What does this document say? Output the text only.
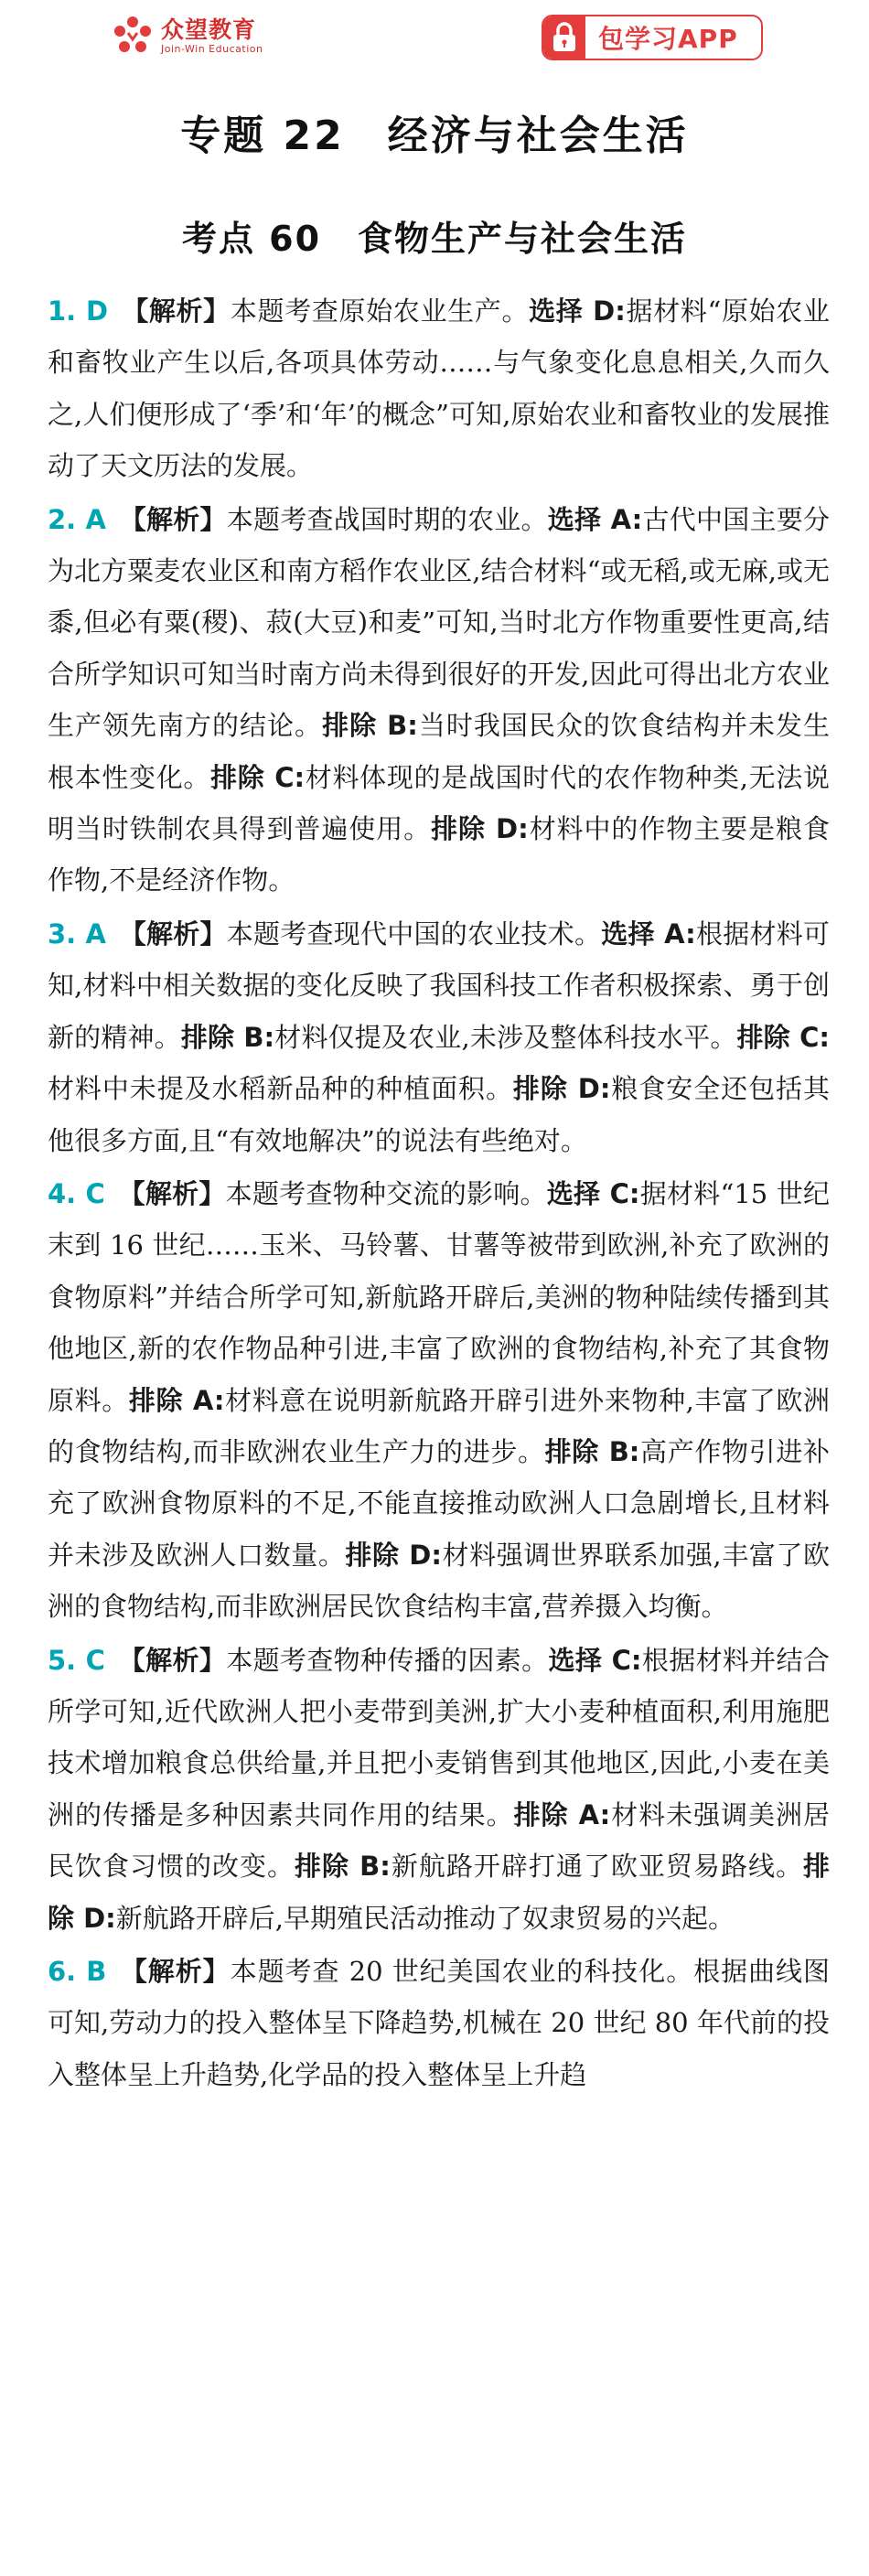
众望教育
Join-Win Education	包学习APP
专题 22　经济与社会生活
考点 60　食物生产与社会生活

1. D  【解析】本题考查原始农业生产。选择 D:据材料“原始农业和畜牧业产生以后,各项具体劳动……与气象变化息息相关,久而久之,人们便形成了‘季’和‘年’的概念”可知,原始农业和畜牧业的发展推动了天文历法的发展。

2. A  【解析】本题考查战国时期的农业。选择 A:古代中国主要分为北方粟麦农业区和南方稻作农业区,结合材料“或无稻,或无麻,或无黍,但必有粟(稷)、菽(大豆)和麦”可知,当时北方作物重要性更高,结合所学知识可知当时南方尚未得到很好的开发,因此可得出北方农业生产领先南方的结论。排除 B:当时我国民众的饮食结构并未发生根本性变化。排除 C:材料体现的是战国时代的农作物种类,无法说明当时铁制农具得到普遍使用。排除 D:材料中的作物主要是粮食作物,不是经济作物。

3. A  【解析】本题考查现代中国的农业技术。选择 A:根据材料可知,材料中相关数据的变化反映了我国科技工作者积极探索、勇于创新的精神。排除 B:材料仅提及农业,未涉及整体科技水平。排除 C:材料中未提及水稻新品种的种植面积。排除 D:粮食安全还包括其他很多方面,且“有效地解决”的说法有些绝对。

4. C  【解析】本题考查物种交流的影响。选择 C:据材料“15 世纪末到 16 世纪……玉米、马铃薯、甘薯等被带到欧洲,补充了欧洲的食物原料”并结合所学可知,新航路开辟后,美洲的物种陆续传播到其他地区,新的农作物品种引进,丰富了欧洲的食物结构,补充了其食物原料。排除 A:材料意在说明新航路开辟引进外来物种,丰富了欧洲的食物结构,而非欧洲农业生产力的进步。排除 B:高产作物引进补充了欧洲食物原料的不足,不能直接推动欧洲人口急剧增长,且材料并未涉及欧洲人口数量。排除 D:材料强调世界联系加强,丰富了欧洲的食物结构,而非欧洲居民饮食结构丰富,营养摄入均衡。

5. C  【解析】本题考查物种传播的因素。选择 C:根据材料并结合所学可知,近代欧洲人把小麦带到美洲,扩大小麦种植面积,利用施肥技术增加粮食总供给量,并且把小麦销售到其他地区,因此,小麦在美洲的传播是多种因素共同作用的结果。排除 A:材料未强调美洲居民饮食习惯的改变。排除 B:新航路开辟打通了欧亚贸易路线。排除 D:新航路开辟后,早期殖民活动推动了奴隶贸易的兴起。

6. B  【解析】本题考查 20 世纪美国农业的科技化。根据曲线图可知,劳动力的投入整体呈下降趋势,机械在 20 世纪 80 年代前的投入整体呈上升趋势,化学品的投入整体呈上升趋
